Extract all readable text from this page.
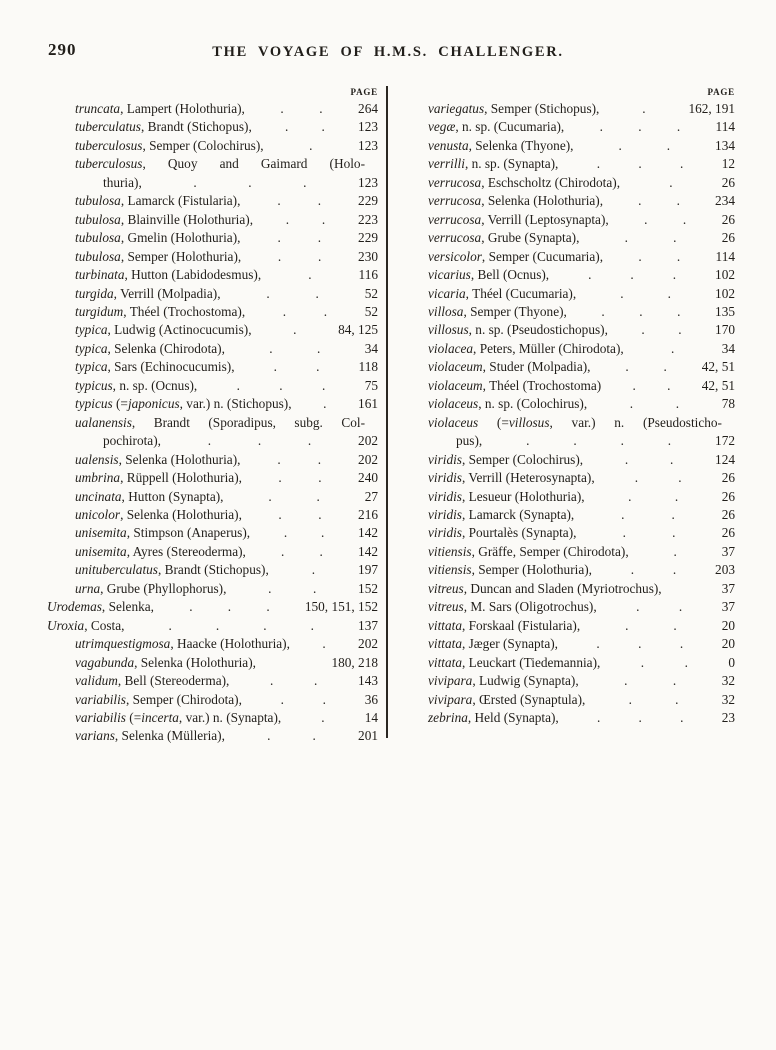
290	THE VOYAGE OF H.M.S. CHALLENGER.
PAGE
truncata, Lampert (Holothuria),	.	.	264
tuberculatus, Brandt (Stichopus), . . 123
tuberculosus, Semper (Colochirus),	.	123
tuberculosus, Quoy and Gaimard (Holo-
thuria),	.	.	.	123
tubulosa, Lamarck (Fistularia),	.	.	229
tubulosa, Blainville (Holothuria), . . 223
tubulosa, Gmelin (Holothuria),	.	.	229
tubulosa, Semper (Holothuria),	.	.	230
turbinata, Hutton (Labidodesmus),	.	116
turgida, Verrill (Molpadia),	.	.	52
turgidum, Théel (Trochostoma),	.	.	52
typica, Ludwig (Actinocucumis),	.	84, 125
typica, Selenka (Chirodota),	.	.	34
typica, Sars (Echinocucumis),	.	.	118
typicus, n. sp. (Ocnus),	.	.	.	75
typicus (=japonicus, var.) n. (Stichopus), . 161
ualanensis, Brandt (Sporadipus, subg. Col-
pochirota),	.	.	.	202
ualensis, Selenka (Holothuria),	.	.	202
umbrina, Rüppell (Holothuria),	.	.	240
uncinata, Hutton (Synapta),	.	.	27
unicolor, Selenka (Holothuria),	.	.	216
unisemita, Stimpson (Anaperus),	.	.	142
unisemita, Ayres (Stereoderma),	.	.	142
unituberculatus, Brandt (Stichopus),	.	197
urna, Grube (Phyllophorus),	.	.	152
Urodemas, Selenka,	.	.	.	150, 151, 152
Uroxia, Costa,	.	.	.	.	137
utrimquestigmosa, Haacke (Holothuria), . 202
vagabunda, Selenka (Holothuria),	180, 218
validum, Bell (Stereoderma),	.	.	143
variabilis, Semper (Chirodota),	.	.	36
variabilis (=incerta, var.) n. (Synapta),	.	14
varians, Selenka (Mülleria),	.	.	201
PAGE
variegatus, Semper (Stichopus),	.	162, 191
vegæ, n. sp. (Cucumaria),	.	.	.	114
venusta, Selenka (Thyone),	.	.	134
verrilli, n. sp. (Synapta),	.	.	.	12
verrucosa, Eschscholtz (Chirodota),	.	26
verrucosa, Selenka (Holothuria),	.	.	234
verrucosa, Verrill (Leptosynapta),	.	.	26
verrucosa, Grube (Synapta),	.	.	26
versicolor, Semper (Cucumaria),	.	.	114
vicarius, Bell (Ocnus),	.	.	.	102
vicaria, Théel (Cucumaria),	.	.	102
villosa, Semper (Thyone),	.	.	.	135
villosus, n. sp. (Pseudostichopus),	.	.	170
violacea, Peters, Müller (Chirodota),	.	34
violaceum, Studer (Molpadia),	.	.	42, 51
violaceum, Théel (Trochostoma) . . 42, 51
violaceus, n. sp. (Colochirus),	.	.	78
violaceus (=villosus, var.) n. (Pseudosticho-
pus),	.	.	.	.	172
viridis, Semper (Colochirus),	.	.	124
viridis, Verrill (Heterosynapta),	.	.	26
viridis, Lesueur (Holothuria),	.	.	26
viridis, Lamarck (Synapta),	.	.	26
viridis, Pourtalès (Synapta),	.	.	26
vitiensis, Gräffe, Semper (Chirodota),	.	37
vitiensis, Semper (Holothuria),	.	.	203
vitreus, Duncan and Sladen (Myriotrochus),	37
vitreus, M. Sars (Oligotrochus),	.	.	37
vittata, Forskaal (Fistularia),	.	.	20
vittata, Jæger (Synapta),	.	.	.	20
vittata, Leuckart (Tiedemannia),	.	.	0
vivipara, Ludwig (Synapta),	.	.	32
vivipara, Œrsted (Synaptula),	.	.	32
zebrina, Held (Synapta),	.	.	.	23
